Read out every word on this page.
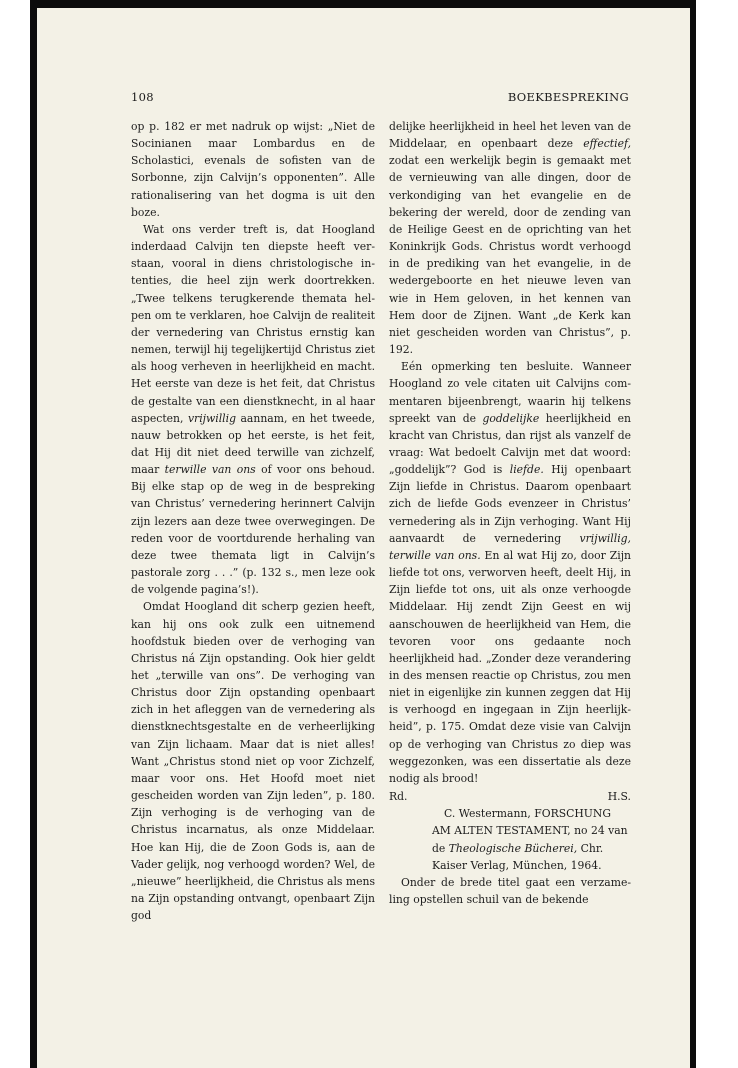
108	BOEKBESPREKING

op p. 182 er met nadruk op wijst: „Niet de Socinianen maar Lombardus en de Scholastici, evenals de sofisten van de Sorbonne, zijn Calvijn’s opponenten”. Alle rationalisering van het dogma is uit den boze.

Wat ons verder treft is, dat Hoogland inderdaad Calvijn ten diepste heeft verstaan, vooral in diens christologische intenties, die heel zijn werk doortrekken. „Twee telkens terugkerende themata helpen om te verklaren, hoe Calvijn de realiteit der vernedering van Christus ernstig kan nemen, terwijl hij tegelijkertijd Christus ziet als hoog verheven in heerlijkheid en macht. Het eerste van deze is het feit, dat Christus de gestalte van een dienstknecht, in al haar aspecten, vrijwillig aannam, en het tweede, nauw betrokken op het eerste, is het feit, dat Hij dit niet deed terwille van zichzelf, maar terwille van ons of voor ons behoud. Bij elke stap op de weg in de bespreking van Christus’ vernedering herinnert Calvijn zijn lezers aan deze twee overwegingen. De reden voor de voortdurende herhaling van deze twee themata ligt in Calvijn’s pastorale zorg . . .” (p. 132 s., men leze ook de volgende pagina’s!).

Omdat Hoogland dit scherp gezien heeft, kan hij ons ook zulk een uitnemend hoofdstuk bieden over de verhoging van Christus ná Zijn opstanding. Ook hier geldt het „terwille van ons”. De verhoging van Christus door Zijn opstanding openbaart zich in het afleggen van de vernedering als dienstknechtsgestalte en de verheerlijking van Zijn lichaam. Maar dat is niet alles! Want „Christus stond niet op voor Zichzelf, maar voor ons. Het Hoofd moet niet gescheiden worden van Zijn leden”, p. 180. Zijn verhoging is de verhoging van de Christus incarnatus, als onze Middelaar. Hoe kan Hij, die de Zoon Gods is, aan de Vader gelijk, nog verhoogd worden? Wel, de „nieuwe” heerlijkheid, die Christus als mens na Zijn opstanding ontvangt, openbaart Zijn god

delijke heerlijkheid in heel het leven van de Middelaar, en openbaart deze effectief, zodat een werkelijk begin is gemaakt met de vernieuwing van alle dingen, door de verkondiging van het evangelie en de bekering der wereld, door de zending van de Heilige Geest en de oprichting van het Koninkrijk Gods. Christus wordt verhoogd in de prediking van het evangelie, in de wedergeboorte en het nieuwe leven van wie in Hem geloven, in het kennen van Hem door de Zijnen. Want „de Kerk kan niet gescheiden worden van Christus”, p. 192.

Eén opmerking ten besluite. Wanneer Hoogland zo vele citaten uit Calvijns commentaren bijeenbrengt, waarin hij telkens spreekt van de goddelijke heerlijkheid en kracht van Christus, dan rijst als vanzelf de vraag: Wat bedoelt Calvijn met dat woord: „goddelijk”? God is liefde. Hij openbaart Zijn liefde in Christus. Daarom openbaart zich de liefde Gods evenzeer in Christus’ vernedering als in Zijn verhoging. Want Hij aanvaardt de vernedering vrijwillig, terwille van ons. En al wat Hij zo, door Zijn liefde tot ons, verworven heeft, deelt Hij, in Zijn liefde tot ons, uit als onze verhoogde Middelaar. Hij zendt Zijn Geest en wij aanschouwen de heerlijkheid van Hem, die tevoren voor ons gedaante noch heerlijkheid had. „Zonder deze verandering in des mensen reactie op Christus, zou men niet in eigenlijke zin kunnen zeggen dat Hij is verhoogd en ingegaan in Zijn heerlijkheid”, p. 175. Omdat deze visie van Calvijn op de verhoging van Christus zo diep was weggezonken, was een dissertatie als deze nodig als brood!

Rd.	H.S.

C. Westermann, FORSCHUNG AM ALTEN TESTAMENT, no 24 van de Theologische Bücherei, Chr. Kaiser Verlag, München, 1964.

Onder de brede titel gaat een verzameling opstellen schuil van de bekende
